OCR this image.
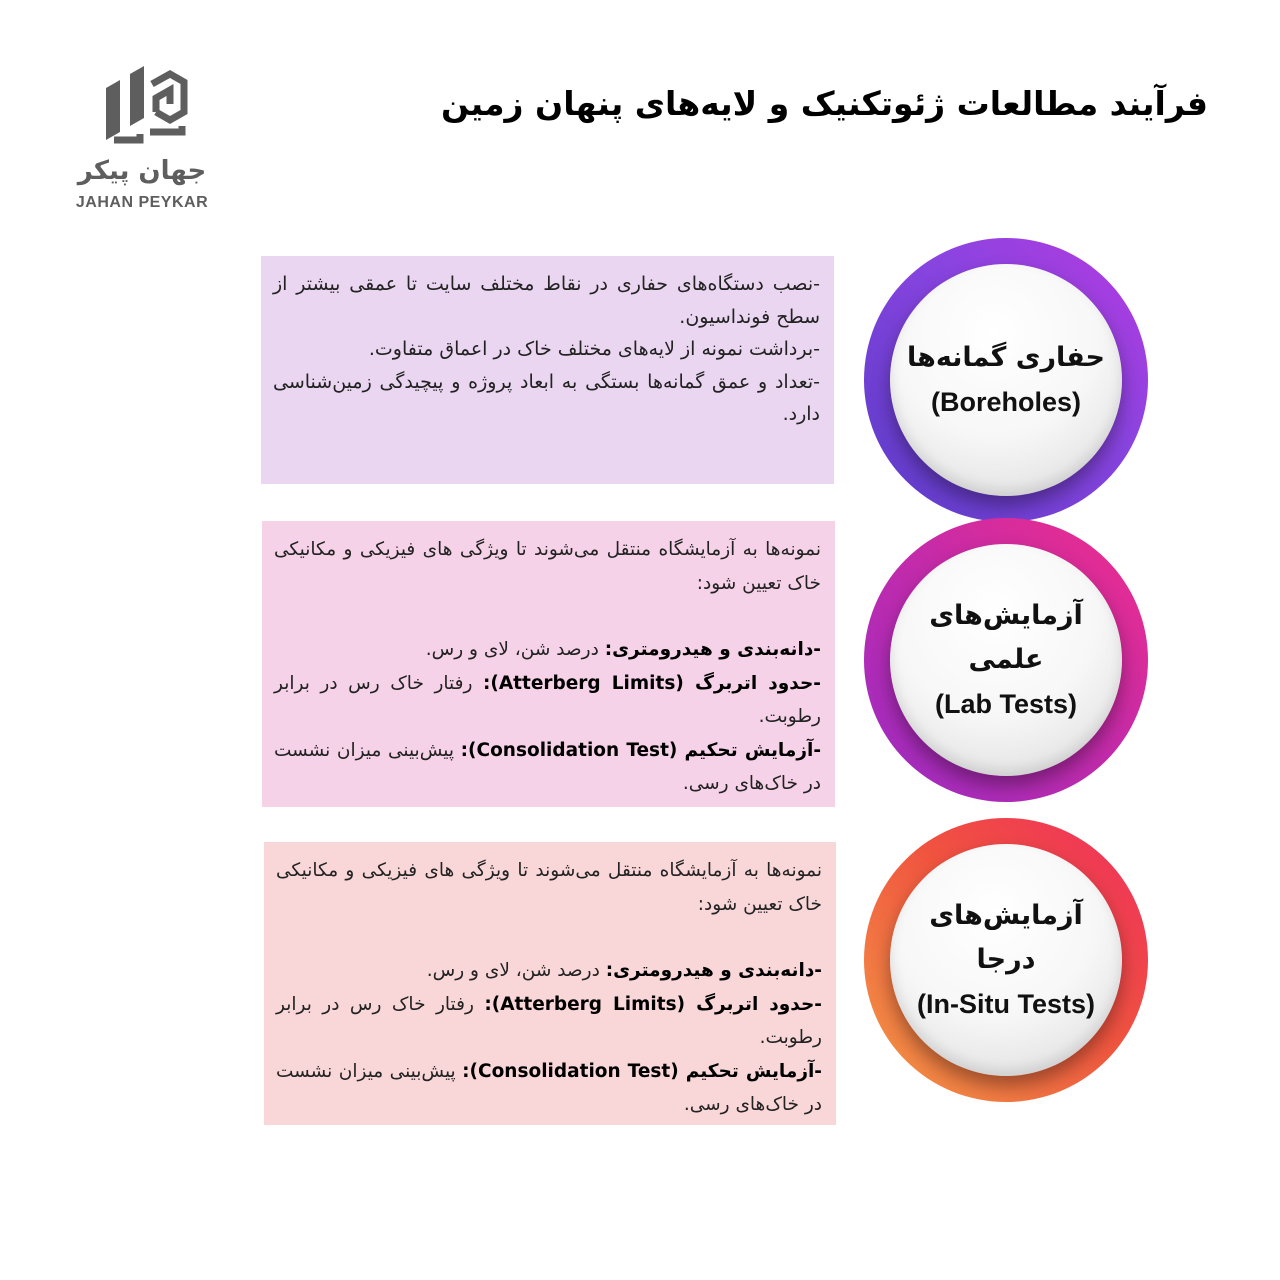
جهان پیکر
JAHAN PEYKAR
فرآیند مطالعات ژئوتکنیک و لایه‌های پنهان زمین

-نصب دستگاه‌های حفاری در نقاط مختلف سایت تا عمقی بیشتر از سطح فونداسیون.

-برداشت نمونه از لایه‌های مختلف خاک در اعماق متفاوت.

-تعداد و عمق گمانه‌ها بستگی به ابعاد پروژه و پیچیدگی زمین‌شناسی دارد.

حفاری گمانه‌ها
(Boreholes)

نمونه‌ها به آزمایشگاه منتقل می‌شوند تا ویژگی های فیزیکی و مکانیکی خاک تعیین شود:

-دانه‌بندی و هیدرومتری: درصد شن، لای و رس.

-حدود اتربرگ (Atterberg Limits): رفتار خاک رس در برابر رطوبت.

-آزمایش تحکیم (Consolidation Test): پیش‌بینی میزان نشست در خاک‌های رسی.

آزمایش‌های
علمی
(Lab Tests)

نمونه‌ها به آزمایشگاه منتقل می‌شوند تا ویژگی های فیزیکی و مکانیکی خاک تعیین شود:

-دانه‌بندی و هیدرومتری: درصد شن، لای و رس.

-حدود اتربرگ (Atterberg Limits): رفتار خاک رس در برابر رطوبت.

-آزمایش تحکیم (Consolidation Test): پیش‌بینی میزان نشست در خاک‌های رسی.

آزمایش‌های
درجا
(In-Situ Tests)
